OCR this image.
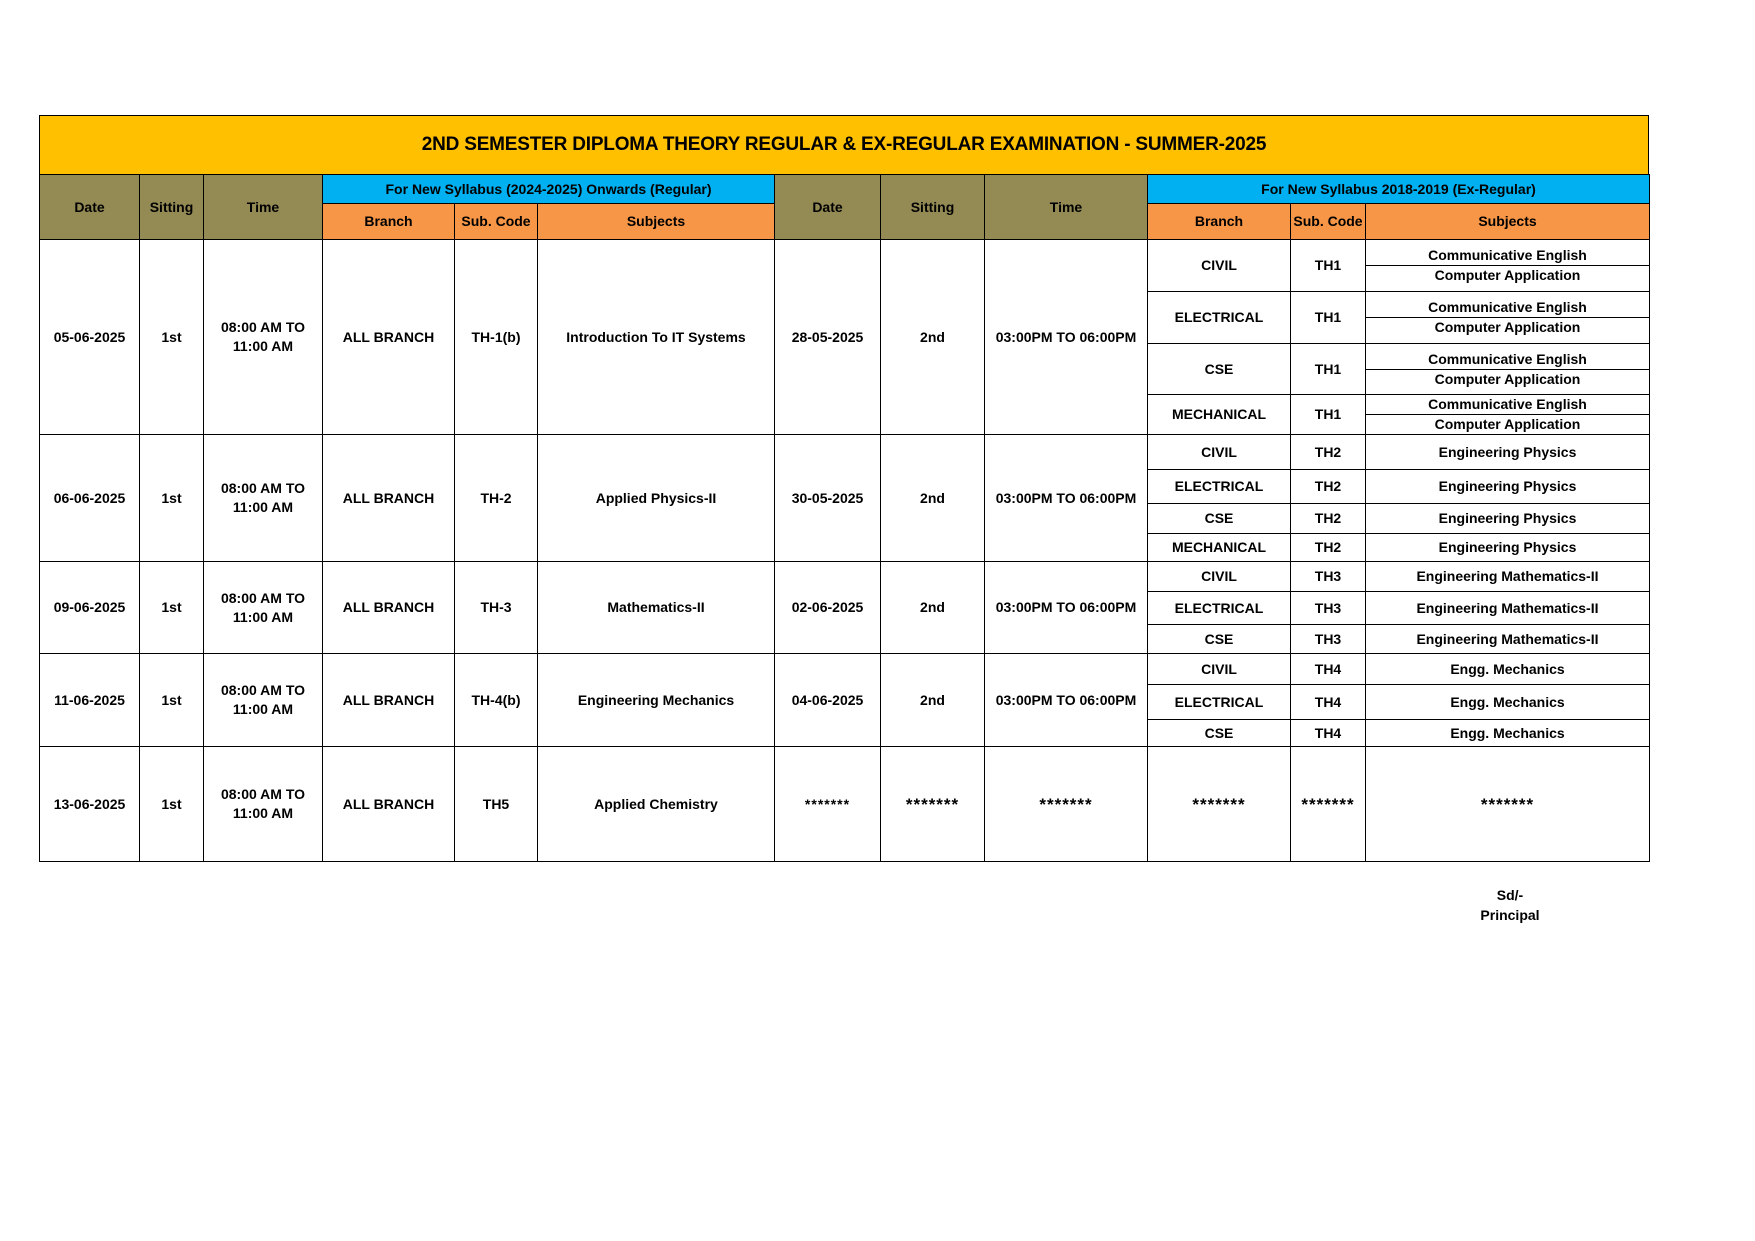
2ND SEMESTER DIPLOMA THEORY REGULAR & EX-REGULAR EXAMINATION - SUMMER-2025
Date	Sitting	Time	For New Syllabus (2024-2025) Onwards (Regular)			Date	Sitting	Time	For New Syllabus 2018-2019 (Ex-Regular)		
			Branch	Sub. Code	Subjects				Branch	Sub. Code	Subjects
05-06-2025	1st	08:00 AM TO 11:00 AM	ALL BRANCH	TH-1(b)	Introduction To IT Systems	28-05-2025	2nd	03:00PM TO 06:00PM	CIVIL	TH1	Communicative English
Computer Application

									ELECTRICAL	TH1	Communicative English
Computer Application

									CSE	TH1	Communicative English
Computer Application

									MECHANICAL	TH1	Communicative English
Computer Application

06-06-2025	1st	08:00 AM TO 11:00 AM	ALL BRANCH	TH-2	Applied Physics-II	30-05-2025	2nd	03:00PM TO 06:00PM	CIVIL	TH2	Engineering Physics
									ELECTRICAL	TH2	Engineering Physics
									CSE	TH2	Engineering Physics
									MECHANICAL	TH2	Engineering Physics
09-06-2025	1st	08:00 AM TO 11:00 AM	ALL BRANCH	TH-3	Mathematics-II	02-06-2025	2nd	03:00PM TO 06:00PM	CIVIL	TH3	Engineering Mathematics-II
									ELECTRICAL	TH3	Engineering Mathematics-II
									CSE	TH3	Engineering Mathematics-II
11-06-2025	1st	08:00 AM TO 11:00 AM	ALL BRANCH	TH-4(b)	Engineering Mechanics	04-06-2025	2nd	03:00PM TO 06:00PM	CIVIL	TH4	Engg. Mechanics
									ELECTRICAL	TH4	Engg. Mechanics
									CSE	TH4	Engg. Mechanics
13-06-2025	1st	08:00 AM TO 11:00 AM	ALL BRANCH	TH5	Applied Chemistry	*******	*******	*******	*******	*******	*******
Sd/-
Principal
